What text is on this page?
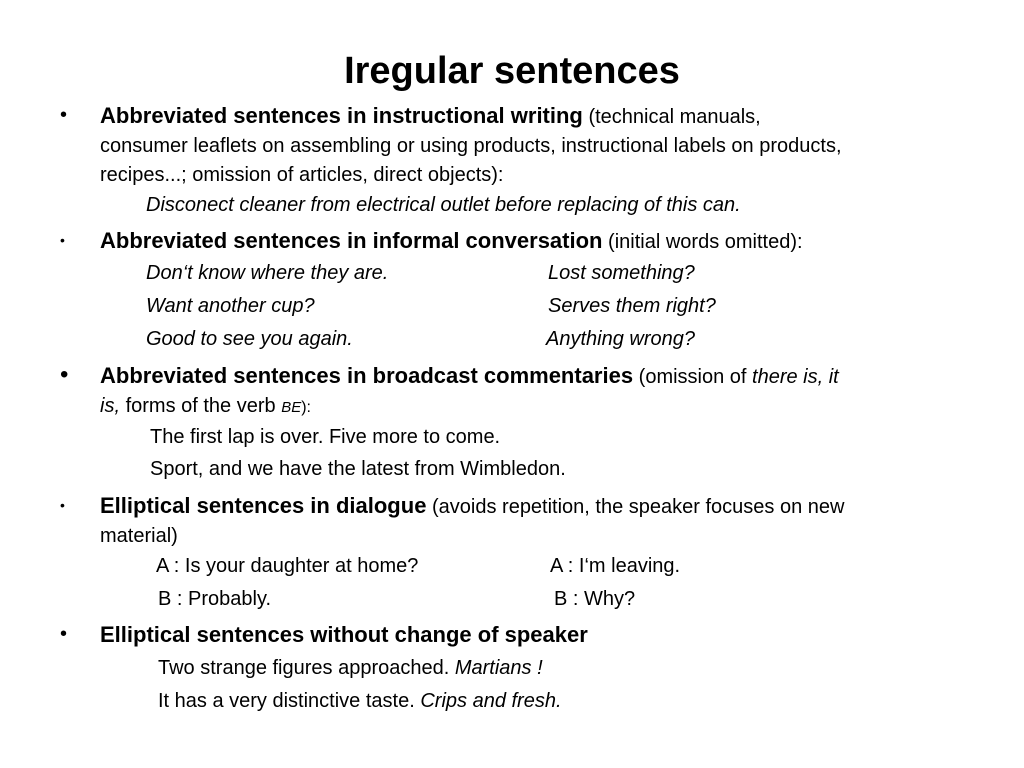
Iregular sentences
• Abbreviated sentences in instructional writing (technical manuals,
consumer leaflets on assembling or using products, instructional labels on products,
recipes...; omission of articles, direct objects):
Disconect cleaner from electrical outlet before replacing of this can.
• Abbreviated sentences in informal conversation (initial words omitted):
Don‘t know where they are.	Lost something?
Want another cup?	Serves them right?
Good to see you again.	Anything wrong?
• Abbreviated sentences in broadcast commentaries (omission of there is, it
is, forms of the verb BE):
The first lap is over. Five more to come.
Sport, and we have the latest from Wimbledon.
• Elliptical sentences in dialogue (avoids repetition, the speaker focuses on new
material)
A : Is your daughter at home?	A : I‘m leaving.
B : Probably.	B : Why?
• Elliptical sentences without change of speaker
Two strange figures approached. Martians !
It has a very distinctive taste. Crips and fresh.
